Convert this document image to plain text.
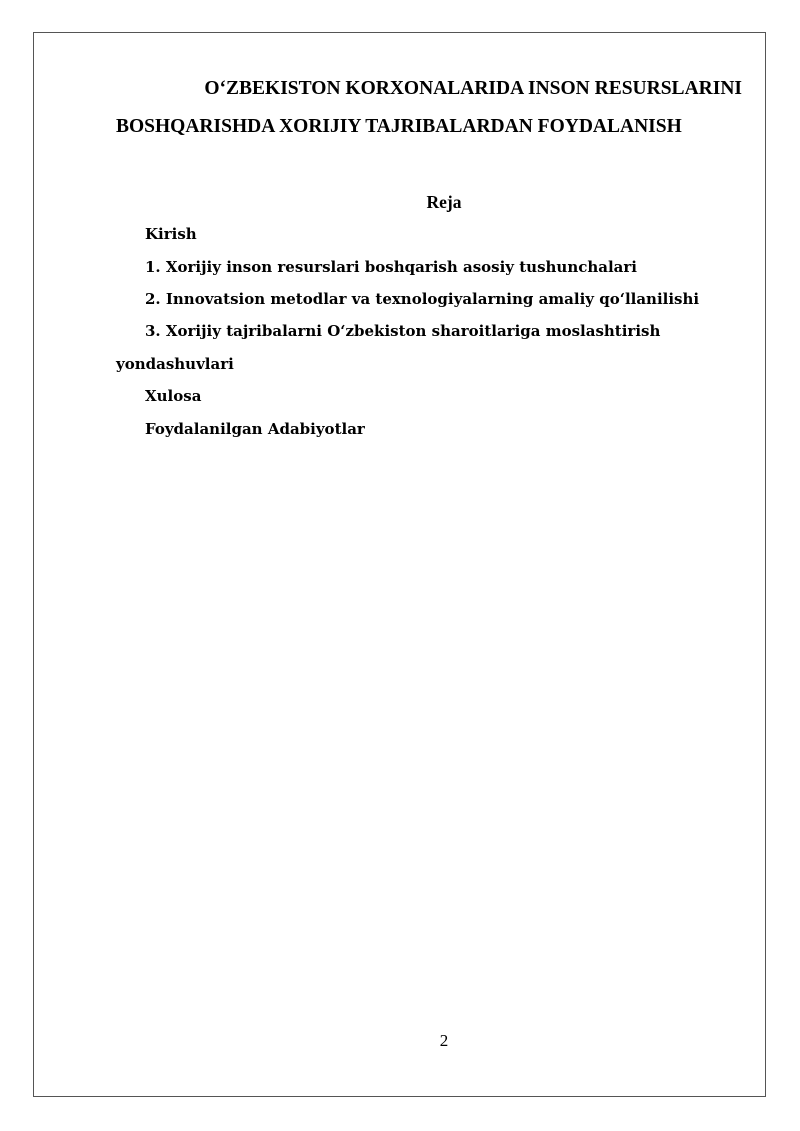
O‘ZBEKISTON KORXONALARIDA INSON RESURSLARINI
BOSHQARISHDA XORIJIY TAJRIBALARDAN FOYDALANISH
Reja
Kirish
1. Xorijiy inson resurslari boshqarish asosiy tushunchalari
2. Innovatsion metodlar va texnologiyalarning amaliy qo‘llanilishi
3. Xorijiy tajribalarni O‘zbekiston sharoitlariga moslashtirish
yondashuvlari
Xulosa
Foydalanilgan Adabiyotlar
2
